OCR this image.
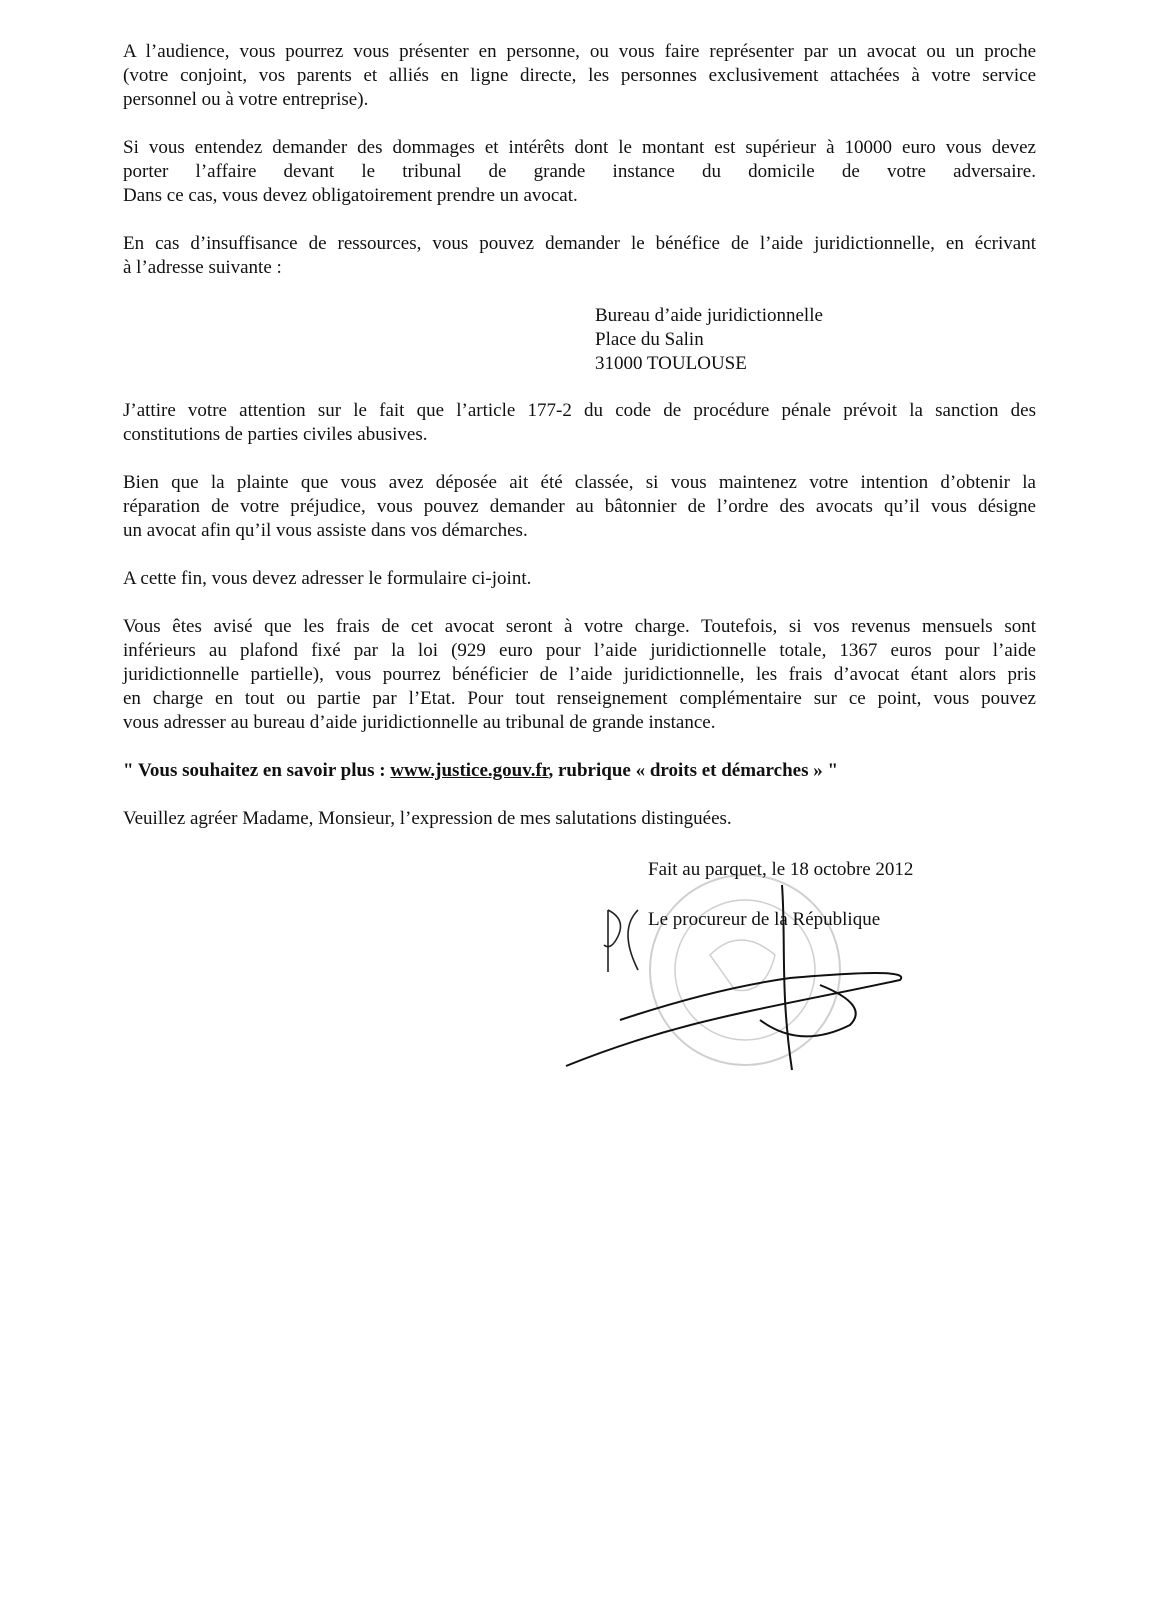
A l’audience, vous pourrez vous présenter en personne, ou vous faire représenter par un avocat ou un proche
(votre conjoint, vos parents et alliés en ligne directe, les personnes exclusivement attachées à votre service
personnel ou à votre entreprise).
Si vous entendez demander des dommages et intérêts dont le montant est supérieur à 10000 euro vous devez
porter l’affaire devant le tribunal de grande instance du domicile de votre adversaire.
Dans ce cas, vous devez obligatoirement prendre un avocat.
En cas d’insuffisance de ressources, vous pouvez demander le bénéfice de l’aide juridictionnelle, en écrivant
à l’adresse suivante :
Bureau d’aide juridictionnelle
Place du Salin
31000 TOULOUSE
J’attire votre attention sur le fait que l’article 177-2 du code de procédure pénale prévoit la sanction des
constitutions de parties civiles abusives.
Bien que la plainte que vous avez déposée ait été classée, si vous maintenez votre intention d’obtenir la
réparation de votre préjudice, vous pouvez demander au bâtonnier de l’ordre des avocats qu’il vous désigne
un avocat afin qu’il vous assiste dans vos démarches.
A cette fin, vous devez adresser le formulaire ci-joint.
Vous êtes avisé que les frais de cet avocat seront à votre charge. Toutefois, si vos revenus mensuels sont
inférieurs au plafond fixé par la loi (929 euro pour l’aide juridictionnelle totale, 1367 euros pour l’aide
juridictionnelle partielle), vous pourrez bénéficier de l’aide juridictionnelle, les frais d’avocat étant alors pris
en charge en tout ou partie par l’Etat. Pour tout renseignement complémentaire sur ce point, vous pouvez
vous adresser au bureau d’aide juridictionnelle au tribunal de grande instance.
" Vous souhaitez en savoir plus : www.justice.gouv.fr, rubrique « droits et démarches » "
Veuillez agréer Madame, Monsieur, l’expression de mes salutations distinguées.
Fait au parquet, le 18 octobre 2012
Le procureur de la République
